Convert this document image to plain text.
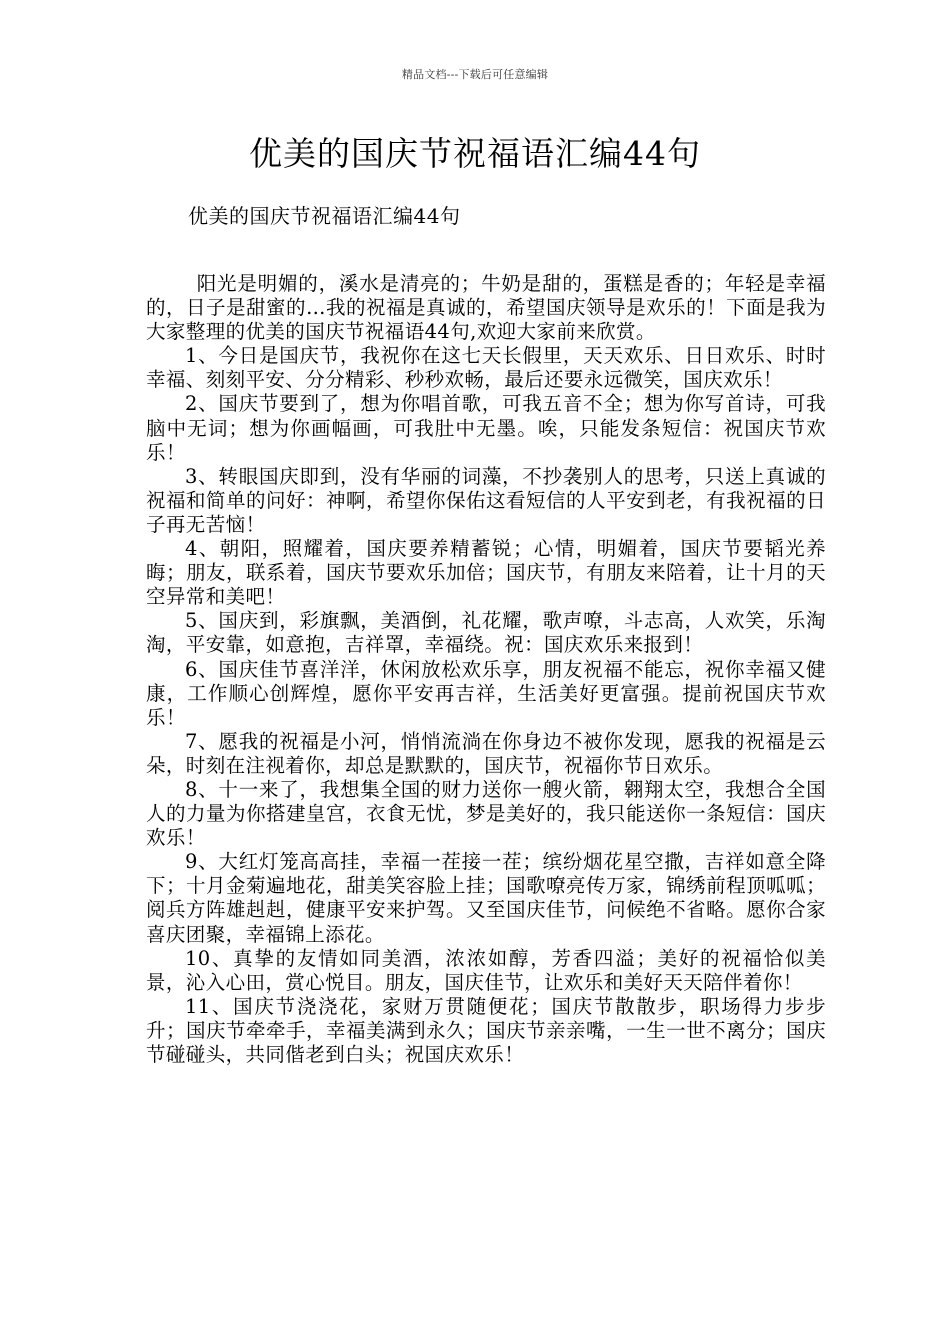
精品文档---下载后可任意编辑
优美的国庆节祝福语汇编44句
优美的国庆节祝福语汇编44句

阳光是明媚的，溪水是清亮的；牛奶是甜的，蛋糕是香的；年轻是幸福的，日子是甜蜜的…我的祝福是真诚的，希望国庆领导是欢乐的！下面是我为大家整理的优美的国庆节祝福语44句,欢迎大家前来欣赏。

1、今日是国庆节，我祝你在这七天长假里，天天欢乐、日日欢乐、时时幸福、刻刻平安、分分精彩、秒秒欢畅，最后还要永远微笑，国庆欢乐！

2、国庆节要到了，想为你唱首歌，可我五音不全；想为你写首诗，可我脑中无词；想为你画幅画，可我肚中无墨。唉，只能发条短信：祝国庆节欢乐！

3、转眼国庆即到，没有华丽的词藻，不抄袭别人的思考，只送上真诚的祝福和简单的问好：神啊，希望你保佑这看短信的人平安到老，有我祝福的日子再无苦恼！

4、朝阳，照耀着，国庆要养精蓄锐；心情，明媚着，国庆节要韬光养晦；朋友，联系着，国庆节要欢乐加倍；国庆节，有朋友来陪着，让十月的天空异常和美吧！

5、国庆到，彩旗飘，美酒倒，礼花耀，歌声嘹，斗志高，人欢笑，乐淘淘，平安靠，如意抱，吉祥罩，幸福绕。祝：国庆欢乐来报到！

6、国庆佳节喜洋洋，休闲放松欢乐享，朋友祝福不能忘，祝你幸福又健康，工作顺心创辉煌，愿你平安再吉祥，生活美好更富强。提前祝国庆节欢乐！

7、愿我的祝福是小河，悄悄流淌在你身边不被你发现，愿我的祝福是云朵，时刻在注视着你，却总是默默的，国庆节，祝福你节日欢乐。

8、十一来了，我想集全国的财力送你一艘火箭，翱翔太空，我想合全国人的力量为你搭建皇宫，衣食无忧，梦是美好的，我只能送你一条短信：国庆欢乐！

9、大红灯笼高高挂，幸福一茬接一茬；缤纷烟花星空撒，吉祥如意全降下；十月金菊遍地花，甜美笑容脸上挂；国歌嘹亮传万家，锦绣前程顶呱呱；阅兵方阵雄赳赳，健康平安来护驾。又至国庆佳节，问候绝不省略。愿你合家喜庆团聚，幸福锦上添花。

10、真挚的友情如同美酒，浓浓如醇，芳香四溢；美好的祝福恰似美景，沁入心田，赏心悦目。朋友，国庆佳节，让欢乐和美好天天陪伴着你！

11、国庆节浇浇花，家财万贯随便花；国庆节散散步，职场得力步步升；国庆节牵牵手，幸福美满到永久；国庆节亲亲嘴，一生一世不离分；国庆节碰碰头，共同偕老到白头；祝国庆欢乐！
